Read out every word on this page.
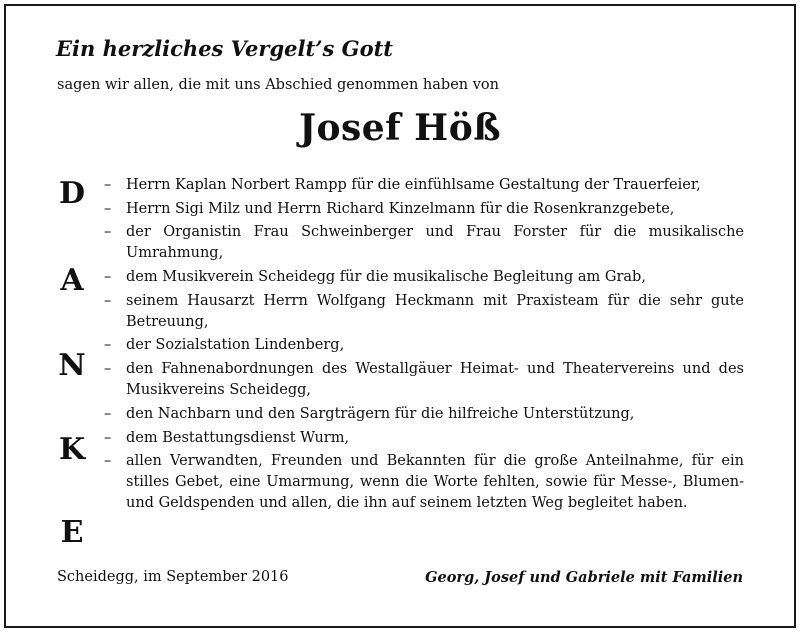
Ein herzliches Vergelt’s Gott
sagen wir allen, die mit uns Abschied genommen haben von
Josef Höß
D
A
N
K
E
– Herrn Kaplan Norbert Rampp für die einfühlsame Gestaltung der Trauerfeier,
– Herrn Sigi Milz und Herrn Richard Kinzelmann für die Rosenkranzgebete,
– der Organistin Frau Schweinberger und Frau Forster für die musikalische Umrahmung,
– dem Musikverein Scheidegg für die musikalische Begleitung am Grab,
– seinem Hausarzt Herrn Wolfgang Heckmann mit Praxisteam für die sehr gute Betreuung,
– der Sozialstation Lindenberg,
– den Fahnenabordnungen des Westallgäuer Heimat- und Theatervereins und des Musikvereins Scheidegg,
– den Nachbarn und den Sargträgern für die hilfreiche Unterstützung,
– dem Bestattungsdienst Wurm,
– allen Verwandten, Freunden und Bekannten für die große Anteilnahme, für ein stilles Gebet, eine Umarmung, wenn die Worte fehlten, sowie für Messe-, Blumen- und Geldspenden und allen, die ihn auf seinem letzten Weg begleitet haben.
Scheidegg, im September 2016	Georg, Josef und Gabriele mit Familien
